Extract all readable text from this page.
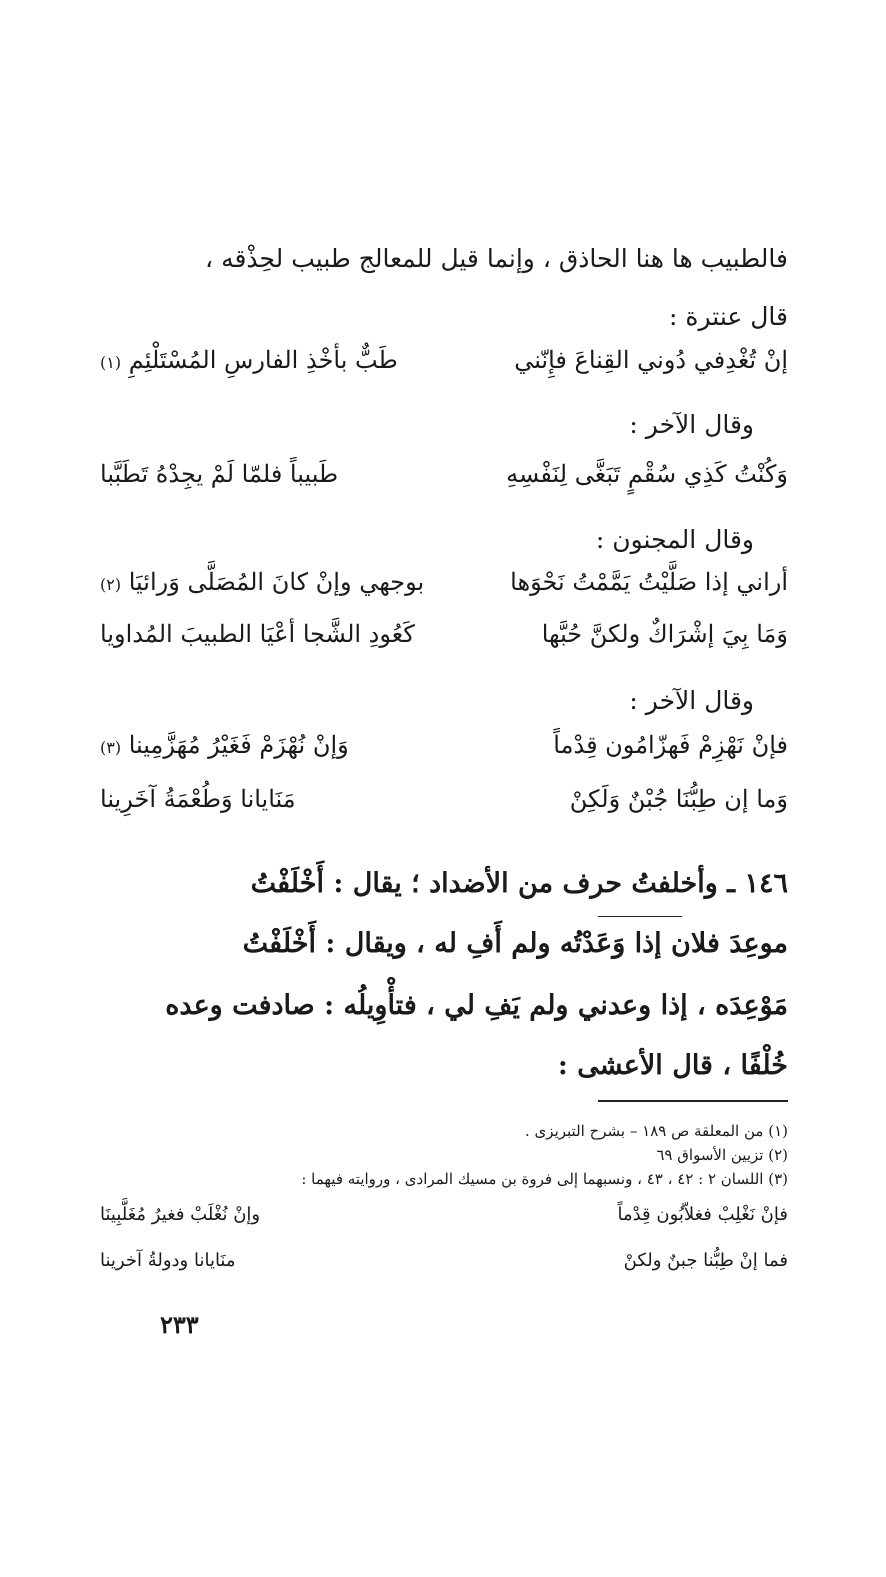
فالطبيب ها هنا الحاذق ، وإنما قيل للمعالج طبيب لحِذْقه ،
قال عنترة :
إنْ تُغْدِفي دُوني القِناعَ فإِنّني
طَبٌّ بأخْذِ الفارسِ المُسْتَلْئِمِ (١)
وقال الآخر :
وَكُنْتُ كَذِي سُقْمٍ تَبَغَّى لِنَفْسِهِ
طَبيباً فلمّا لَمْ يجِدْهُ تَطَبَّبا
وقال المجنون :
أراني إذا صَلَّيْتُ يَمَّمْتُ نَحْوَها
بوجهي وإنْ كانَ المُصَلَّى وَرائيَا (٢)
وَمَا بِيَ إشْرَاكٌ ولكنَّ حُبَّها
كَعُودِ الشَّجا أعْيَا الطبيبَ المُداويا
وقال الآخر :
فإنْ نَهْزِمْ فَهزّامُون قِدْماً
وَإنْ نُهْزَمْ فَغَيْرُ مُهَزَّمِينا (٣)
وَما إن طِبُّنَا جُبْنٌ وَلَكِنْ
مَنَايانا وَطُعْمَةُ آخَرِينا
١٤٦ ـ وأخلفتُ حرف من الأضداد ؛ يقال : أَخْلَفْتُ
موعِدَ فلان إذا وَعَدْتُه ولم أَفِ له ، ويقال : أَخْلَفْتُ
مَوْعِدَه ، إذا وعدني ولم يَفِ لي ، فتأْوِيلُه : صادفت وعده
خُلْفًا ، قال الأعشى :
(١) من المعلقة ص ١٨٩ – بشرح التبريزى .
(٢) تزيين الأسواق ٦٩
(٣) اللسان ٢ : ٤٢ ، ٤٣ ، ونسبهما إلى فروة بن مسيك المرادى ، وروايته فيهما :
فإنْ نَغْلِبْ فغلاّبُون قِدْماً
وإنْ نُغْلَبْ فغيرُ مُغَلَّبِينَا
فما إنْ طِبُّنا جبنٌ ولكنْ
منَايانا ودولةُ آخرينا
٢٣٣
